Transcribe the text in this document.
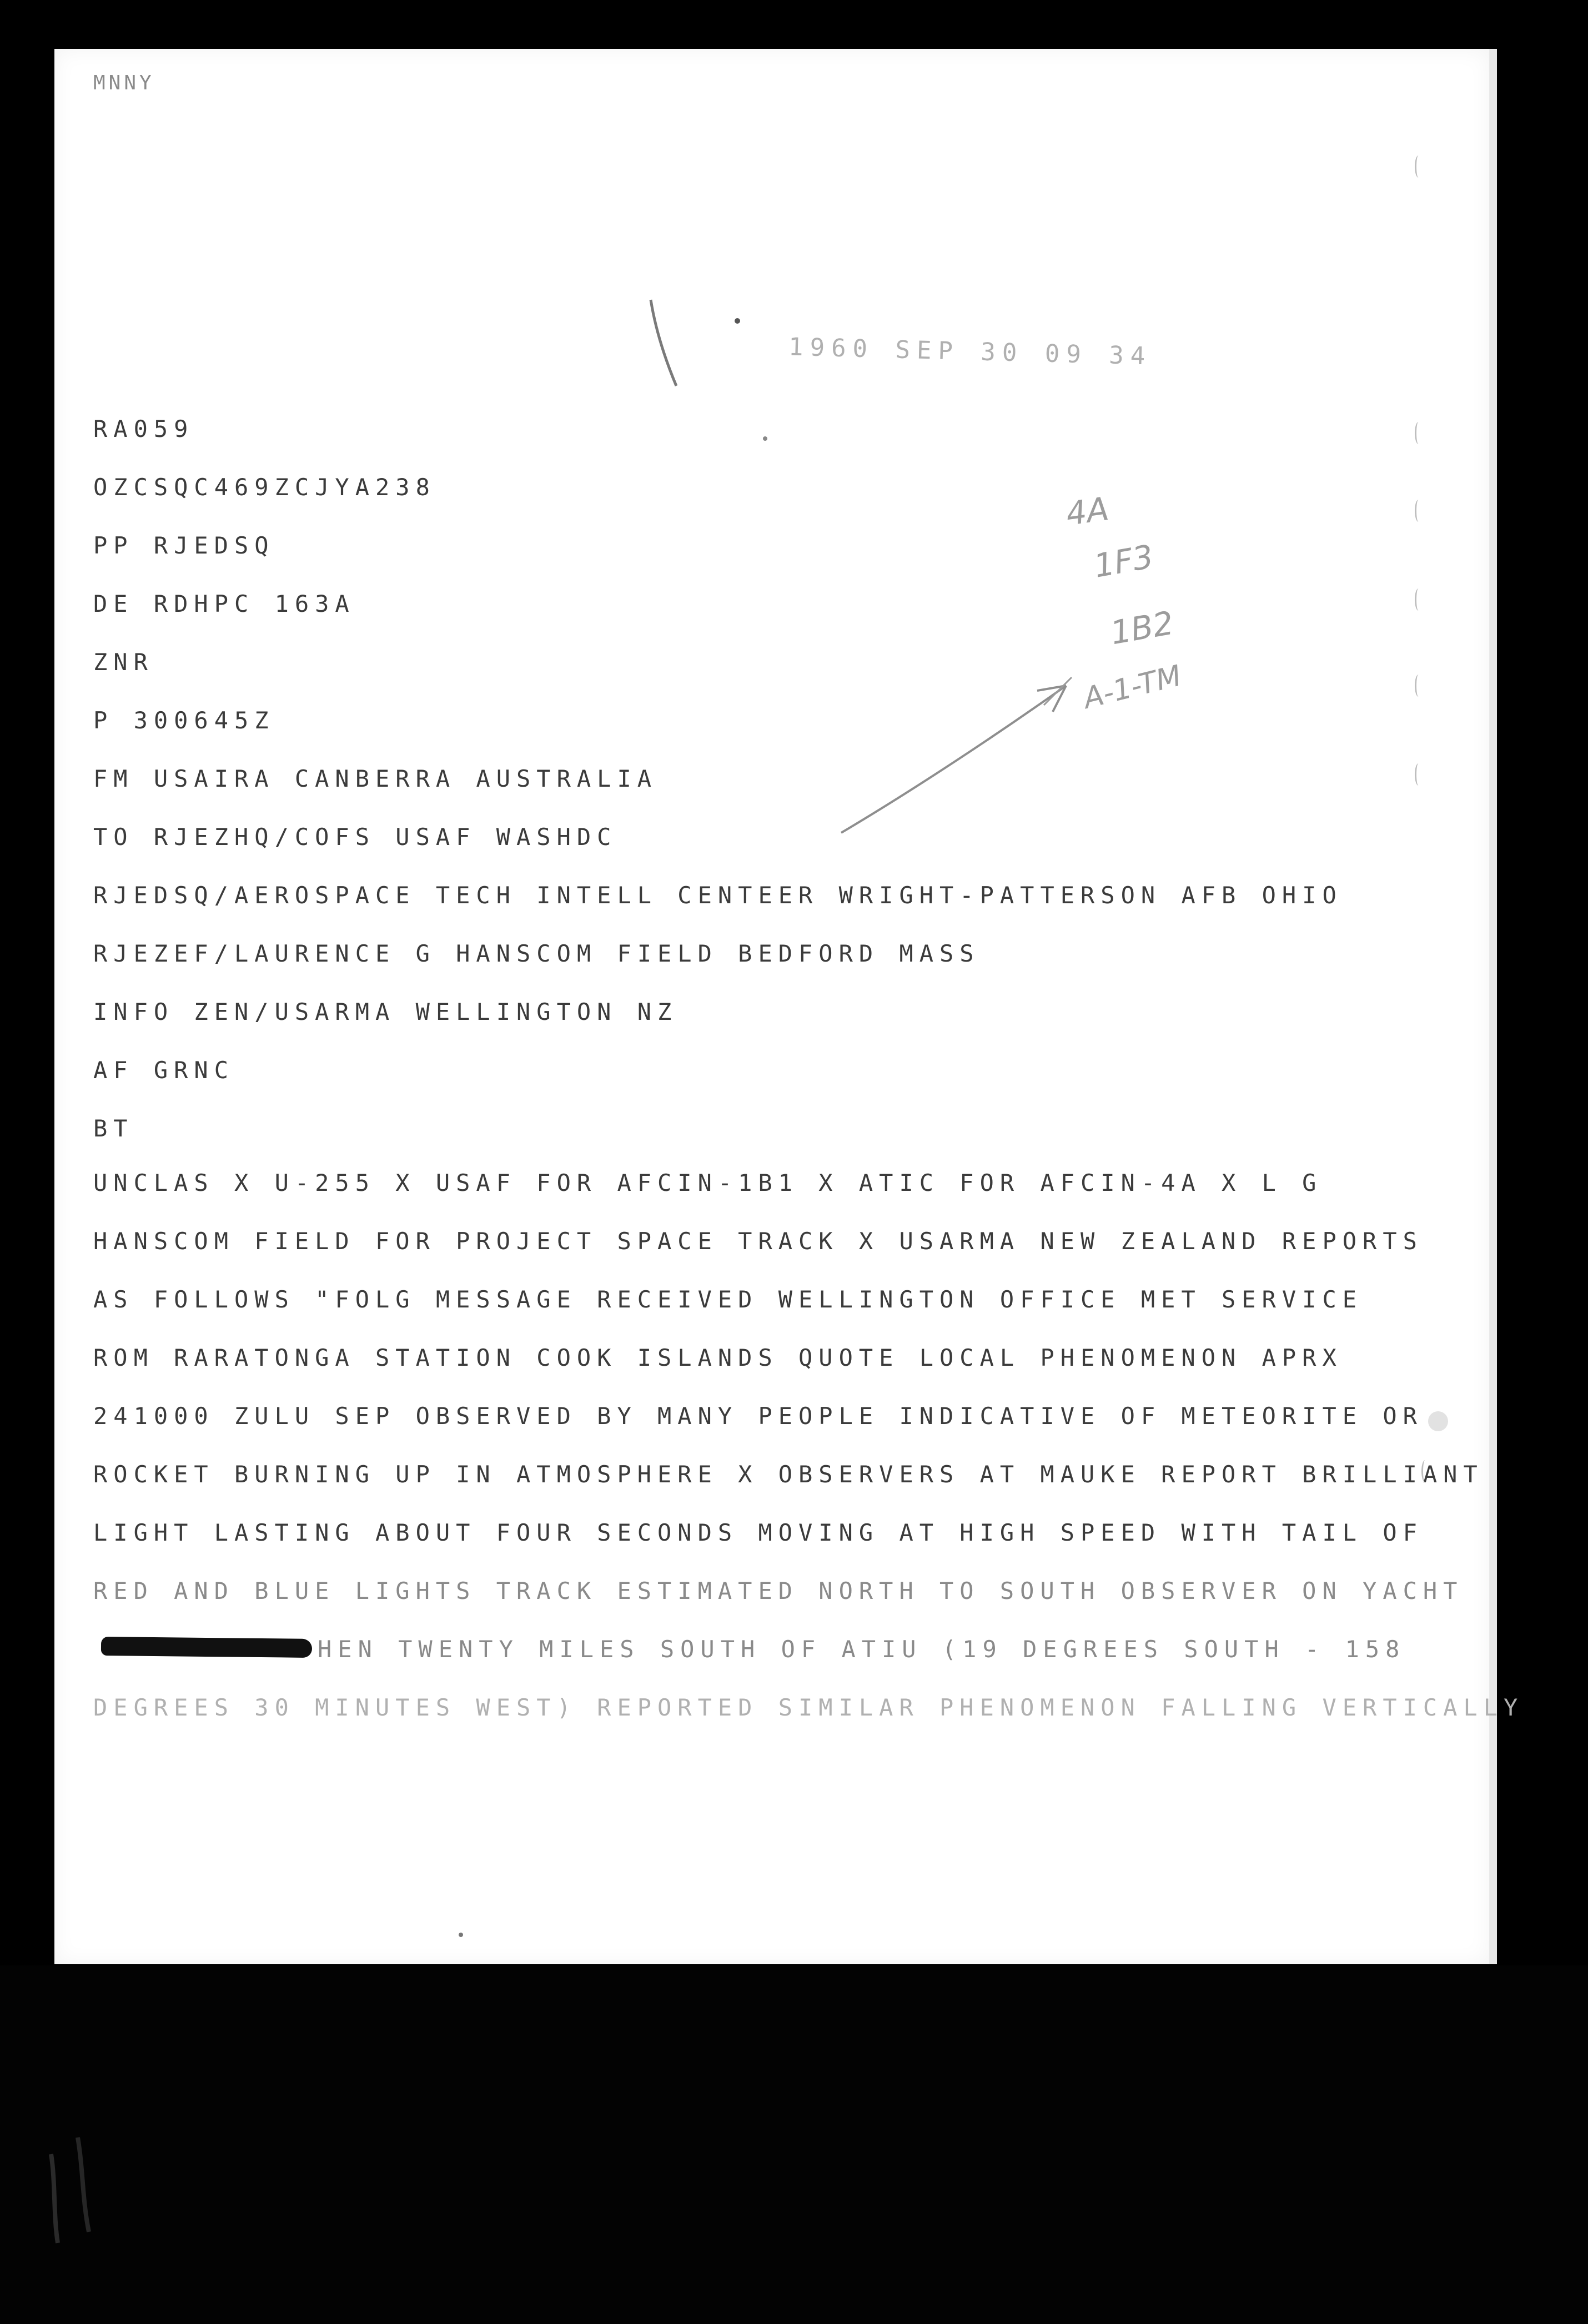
MNNY
1960 SEP 30 09 34
RA059
OZCSQC469ZCJYA238
PP RJEDSQ
DE RDHPC 163A
ZNR
P 300645Z
FM USAIRA CANBERRA AUSTRALIA
TO RJEZHQ/COFS USAF WASHDC
RJEDSQ/AEROSPACE TECH INTELL CENTEER WRIGHT-PATTERSON AFB OHIO
RJEZEF/LAURENCE G HANSCOM FIELD BEDFORD MASS
INFO ZEN/USARMA WELLINGTON NZ
AF GRNC
BT
UNCLAS X U-255 X USAF FOR AFCIN-1B1 X ATIC FOR AFCIN-4A X L G
HANSCOM FIELD FOR PROJECT SPACE TRACK X USARMA NEW ZEALAND REPORTS
AS FOLLOWS "FOLG MESSAGE RECEIVED WELLINGTON OFFICE MET SERVICE
ROM RARATONGA STATION COOK ISLANDS QUOTE LOCAL PHENOMENON APRX
241000 ZULU SEP OBSERVED BY MANY PEOPLE INDICATIVE OF METEORITE OR
ROCKET BURNING UP IN ATMOSPHERE X OBSERVERS AT MAUKE REPORT BRILLIANT
LIGHT LASTING ABOUT FOUR SECONDS MOVING AT HIGH SPEED WITH TAIL OF
RED AND BLUE LIGHTS TRACK ESTIMATED NORTH TO SOUTH OBSERVER ON YACHT
HEN TWENTY MILES SOUTH OF ATIU (19 DEGREES SOUTH - 158
DEGREES 30 MINUTES WEST) REPORTED SIMILAR PHENOMENON FALLING VERTICALLY
4A
1F3
1B2
A-1-TM
